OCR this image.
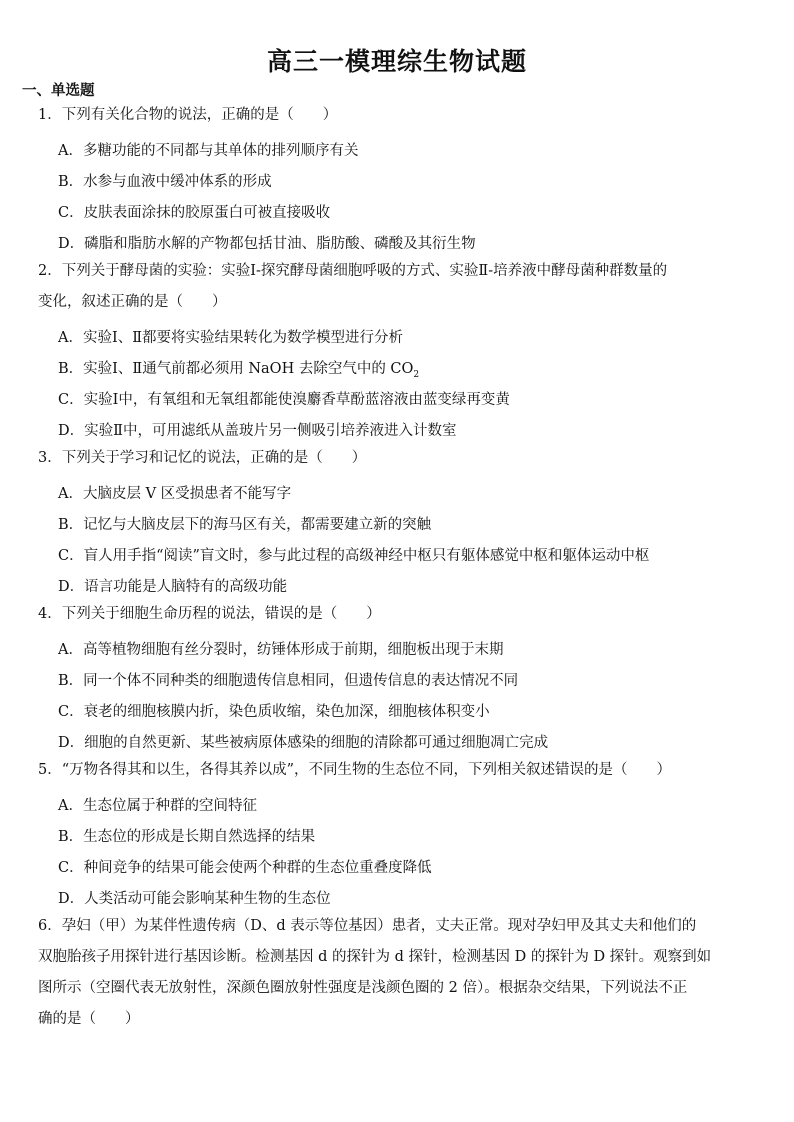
高三一模理综生物试题
一、单选题
1．下列有关化合物的说法，正确的是（　　）
A．多糖功能的不同都与其单体的排列顺序有关
B．水参与血液中缓冲体系的形成
C．皮肤表面涂抹的胶原蛋白可被直接吸收
D．磷脂和脂肪水解的产物都包括甘油、脂肪酸、磷酸及其衍生物
2．下列关于酵母菌的实验：实验Ⅰ-探究酵母菌细胞呼吸的方式、实验Ⅱ-培养液中酵母菌种群数量的
变化，叙述正确的是（　　）
A．实验Ⅰ、Ⅱ都要将实验结果转化为数学模型进行分析
B．实验Ⅰ、Ⅱ通气前都必须用 NaOH 去除空气中的 $CO_2$
C．实验Ⅰ中，有氧组和无氧组都能使溴麝香草酚蓝溶液由蓝变绿再变黄
D．实验Ⅱ中，可用滤纸从盖玻片另一侧吸引培养液进入计数室
3．下列关于学习和记忆的说法，正确的是（　　）
A．大脑皮层 V 区受损患者不能写字
B．记忆与大脑皮层下的海马区有关，都需要建立新的突触
C．盲人用手指“阅读”盲文时，参与此过程的高级神经中枢只有躯体感觉中枢和躯体运动中枢
D．语言功能是人脑特有的高级功能
4．下列关于细胞生命历程的说法，错误的是（　　）
A．高等植物细胞有丝分裂时，纺锤体形成于前期，细胞板出现于末期
B．同一个体不同种类的细胞遗传信息相同，但遗传信息的表达情况不同
C．衰老的细胞核膜内折，染色质收缩，染色加深，细胞核体积变小
D．细胞的自然更新、某些被病原体感染的细胞的清除都可通过细胞凋亡完成
5．“万物各得其和以生，各得其养以成”，不同生物的生态位不同，下列相关叙述错误的是（　　）
A．生态位属于种群的空间特征
B．生态位的形成是长期自然选择的结果
C．种间竞争的结果可能会使两个种群的生态位重叠度降低
D．人类活动可能会影响某种生物的生态位
6．孕妇（甲）为某伴性遗传病（D、d 表示等位基因）患者，丈夫正常。现对孕妇甲及其丈夫和他们的
双胞胎孩子用探针进行基因诊断。检测基因 d 的探针为 d 探针，检测基因 D 的探针为 D 探针。观察到如
图所示（空圈代表无放射性，深颜色圈放射性强度是浅颜色圈的 2 倍）。根据杂交结果，下列说法不正
确的是（　　）
